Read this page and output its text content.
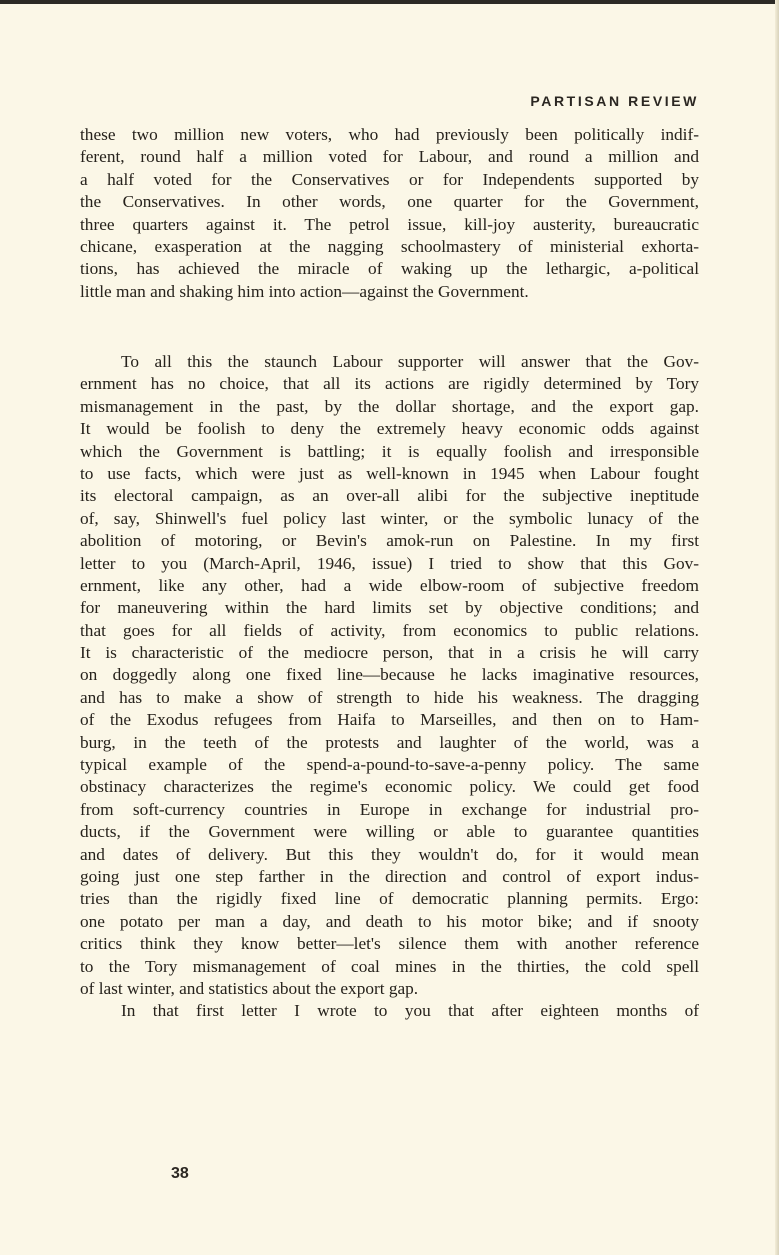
PARTISAN REVIEW
these two million new voters, who had previously been politically indif-
ferent, round half a million voted for Labour, and round a million and
a half voted for the Conservatives or for Independents supported by
the Conservatives. In other words, one quarter for the Government,
three quarters against it. The petrol issue, kill-joy austerity, bureaucratic
chicane, exasperation at the nagging schoolmastery of ministerial exhorta-
tions, has achieved the miracle of waking up the lethargic, a-political
little man and shaking him into action—against the Government.
To all this the staunch Labour supporter will answer that the Gov-
ernment has no choice, that all its actions are rigidly determined by Tory
mismanagement in the past, by the dollar shortage, and the export gap.
It would be foolish to deny the extremely heavy economic odds against
which the Government is battling; it is equally foolish and irresponsible
to use facts, which were just as well-known in 1945 when Labour fought
its electoral campaign, as an over-all alibi for the subjective ineptitude
of, say, Shinwell's fuel policy last winter, or the symbolic lunacy of the
abolition of motoring, or Bevin's amok-run on Palestine. In my first
letter to you (March-April, 1946, issue) I tried to show that this Gov-
ernment, like any other, had a wide elbow-room of subjective freedom
for maneuvering within the hard limits set by objective conditions; and
that goes for all fields of activity, from economics to public relations.
It is characteristic of the mediocre person, that in a crisis he will carry
on doggedly along one fixed line—because he lacks imaginative resources,
and has to make a show of strength to hide his weakness. The dragging
of the Exodus refugees from Haifa to Marseilles, and then on to Ham-
burg, in the teeth of the protests and laughter of the world, was a
typical example of the spend-a-pound-to-save-a-penny policy. The same
obstinacy characterizes the regime's economic policy. We could get food
from soft-currency countries in Europe in exchange for industrial pro-
ducts, if the Government were willing or able to guarantee quantities
and dates of delivery. But this they wouldn't do, for it would mean
going just one step farther in the direction and control of export indus-
tries than the rigidly fixed line of democratic planning permits. Ergo:
one potato per man a day, and death to his motor bike; and if snooty
critics think they know better—let's silence them with another reference
to the Tory mismanagement of coal mines in the thirties, the cold spell
of last winter, and statistics about the export gap.
In that first letter I wrote to you that after eighteen months of
38
